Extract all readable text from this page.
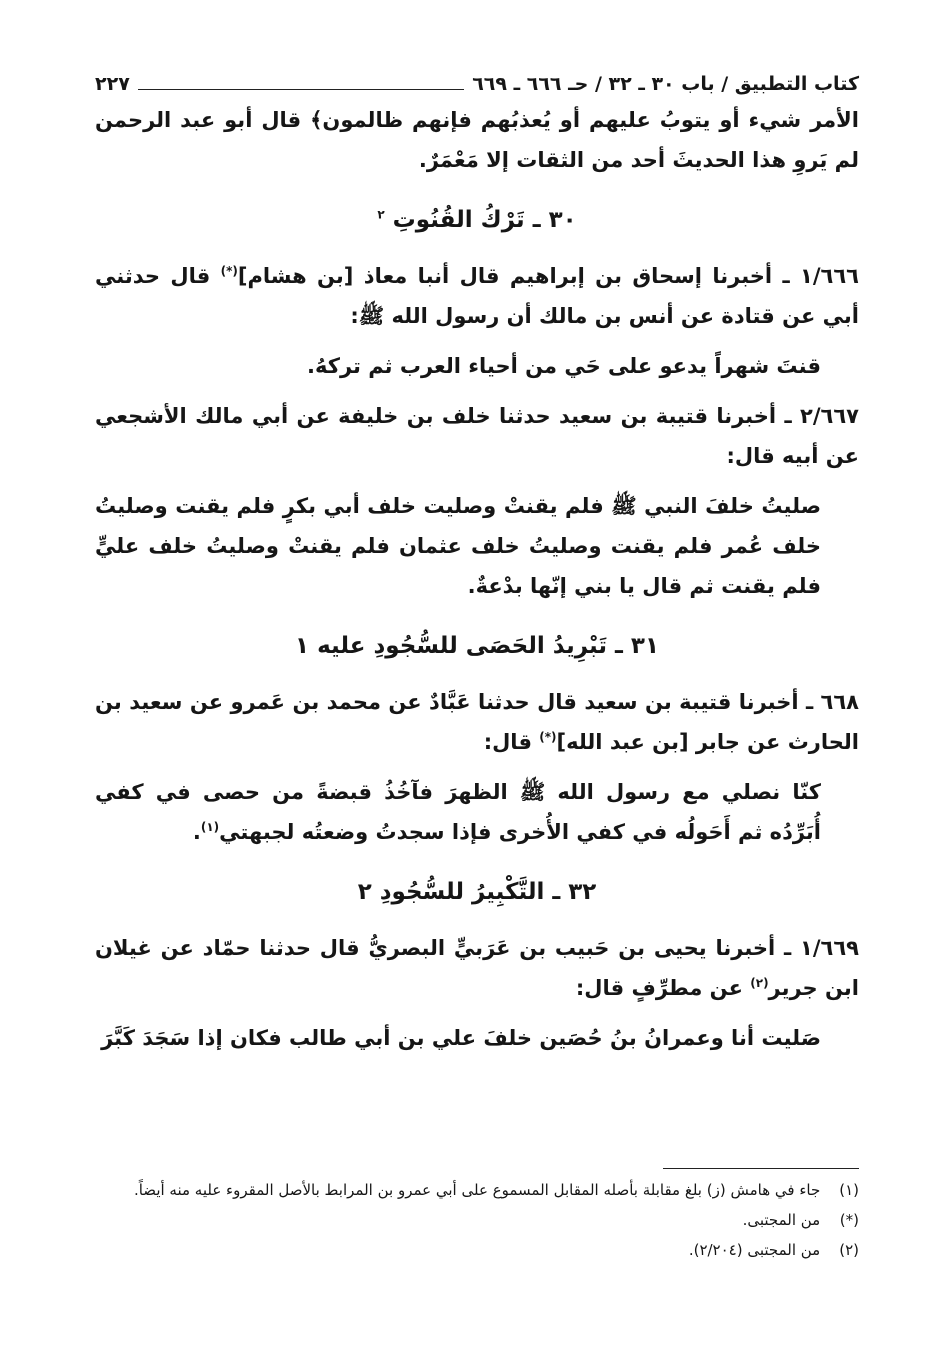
كتاب التطبيق / باب ٣٠ ـ ٣٢ / حـ ٦٦٦ ـ ٦٦٩
٢٢٧

الأمر شيء أو يتوبُ عليهم أو يُعذبُهم فإنهم ظالمون﴾ قال أبو عبد الرحمن لم يَروِ هذا الحديثَ أحد من الثقات إلا مَعْمَرٌ.

٣٠ ـ تَرْكُ القُنُوتِ $^٢$

١/٦٦٦ ـ أخبرنا إسحاق بن إبراهيم قال أنبا معاذ [بن هشام](*) قال حدثني أبي عن قتادة عن أنس بن مالك أن رسول الله ﷺ:

قنتَ شهراً يدعو على حَي من أحياء العرب ثم تركهُ.

٢/٦٦٧ ـ أخبرنا قتيبة بن سعيد حدثنا خلف بن خليفة عن أبي مالك الأشجعي عن أبيه قال:

صليتُ خلفَ النبي ﷺ فلم يقنتْ وصليت خلف أبي بكرٍ فلم يقنت وصليتُ خلف عُمر فلم يقنت وصليتُ خلف عثمان فلم يقنتْ وصليتُ خلف عليٍّ فلم يقنت ثم قال يا بني إنّها بدْعةٌ.

٣١ ـ تَبْرِيدُ الحَصَى للسُّجُودِ عليه ١

٦٦٨ ـ أخبرنا قتيبة بن سعيد قال حدثنا عَبَّادٌ عن محمد بن عَمرو عن سعيد بن الحارث عن جابر [بن عبد الله](*) قال:

كنّا نصلي مع رسول الله ﷺ الظهرَ فآخُذُ قبضةً من حصى في كفي أُبَرِّدُه ثم أَحَولُه في كفي الأُخرى فإذا سجدتُ وضعتُه لجبهتي$^{(١)}$.

٣٢ ـ التَّكْبِيرُ للسُّجُودِ ٢

١/٦٦٩ ـ أخبرنا يحيى بن حَبيب بن عَرَبيٍّ البصريُّ قال حدثنا حمّاد عن غيلان ابن جرير$^{(٢)}$ عن مطرِّفٍ قال:

صَليت أنا وعمرانُ بنُ حُصَين خلفَ علي بن أبي طالب فكان إذا سَجَدَ كَبَّرَ

(١) جاء في هامش (ز) بلغ مقابلة بأصله المقابل المسموع على أبي عمرو بن المرابط بالأصل المقروء عليه منه أيضاً.

(*) من المجتبى.

(٢) من المجتبى (٢/٢٠٤).
